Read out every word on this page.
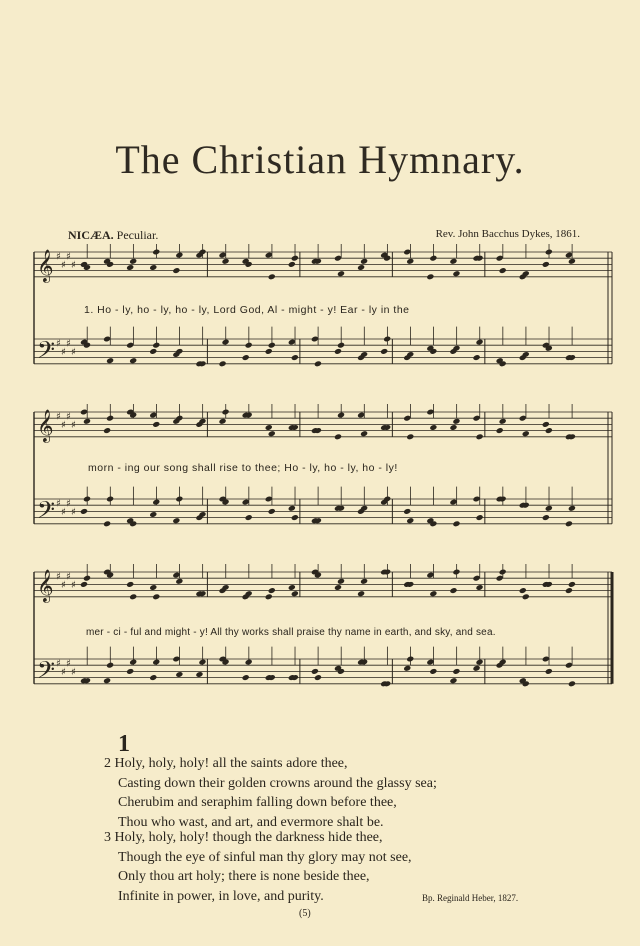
The Christian Hymnary.
NICÆA. Peculiar.	Rev. John Bacchus Dykes, 1861.
𝄞 ♯
♯
♯
♯
𝄢 ♯
♯
♯
♯
1. Ho - ly, ho - ly, ho - ly, Lord God, Al - might - y! Ear - ly in the
𝄞 ♯
♯
♯
♯
𝄢 ♯
♯
♯
♯
morn - ing our song shall rise to thee; Ho - ly, ho - ly, ho - ly!
𝄞 ♯
♯
♯
♯
𝄢 ♯
♯
♯
♯
mer - ci - ful and might - y! All thy works shall praise thy name in earth, and sky, and sea.
1
2 Holy, holy, holy! all the saints adore thee,
Casting down their golden crowns around the glassy sea;
Cherubim and seraphim falling down before thee,
Thou who wast, and art, and evermore shalt be.
3 Holy, holy, holy! though the darkness hide thee,
Though the eye of sinful man thy glory may not see,
Only thou art holy; there is none beside thee,
Infinite in power, in love, and purity.	Bp. Reginald Heber, 1827.
(5)
